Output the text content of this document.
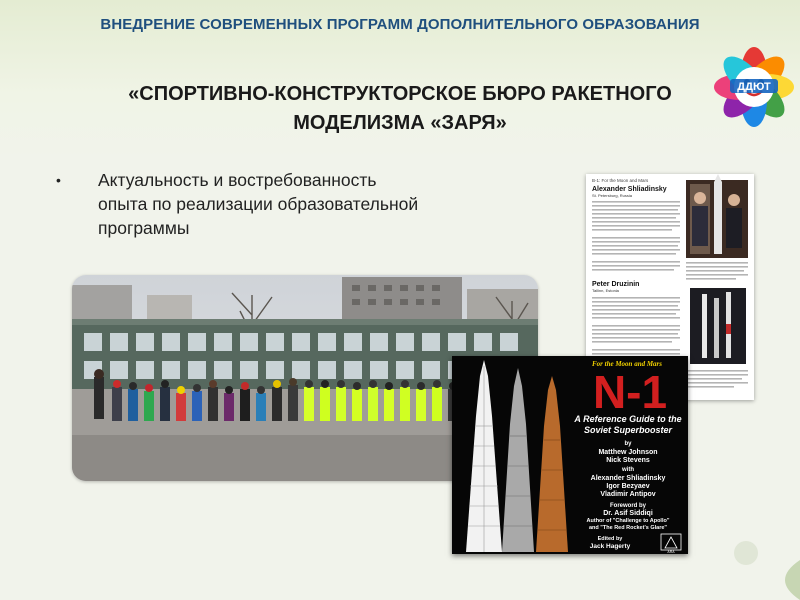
ВНЕДРЕНИЕ СОВРЕМЕННЫХ ПРОГРАММ ДОПОЛНИТЕЛЬНОГО ОБРАЗОВАНИЯ
«СПОРТИВНО-КОНСТРУКТОРСКОЕ БЮРО РАКЕТНОГО
МОДЕЛИЗМА «ЗАРЯ»
ДДЮТ
• Актуальность и востребованность
опыта по реализации образовательной
программы
B-1: For the Moon and Mars
Alexander Shliadinsky
St. Petersburg, Russia
Peter Druzinin
Tallinn, Estonia
For the Moon and Mars
N-1
A Reference Guide to the
Soviet Superbooster
by
Matthew Johnson
Nick Stevens
with
Alexander Shliadinsky
Igor Bezyaev
Vladimir Antipov
Foreword by
Dr. Asif Siddiqi
Author of "Challenge to Apollo"
and "The Red Rocket's Glare"
Edited by
Jack Hagerty
ARA
